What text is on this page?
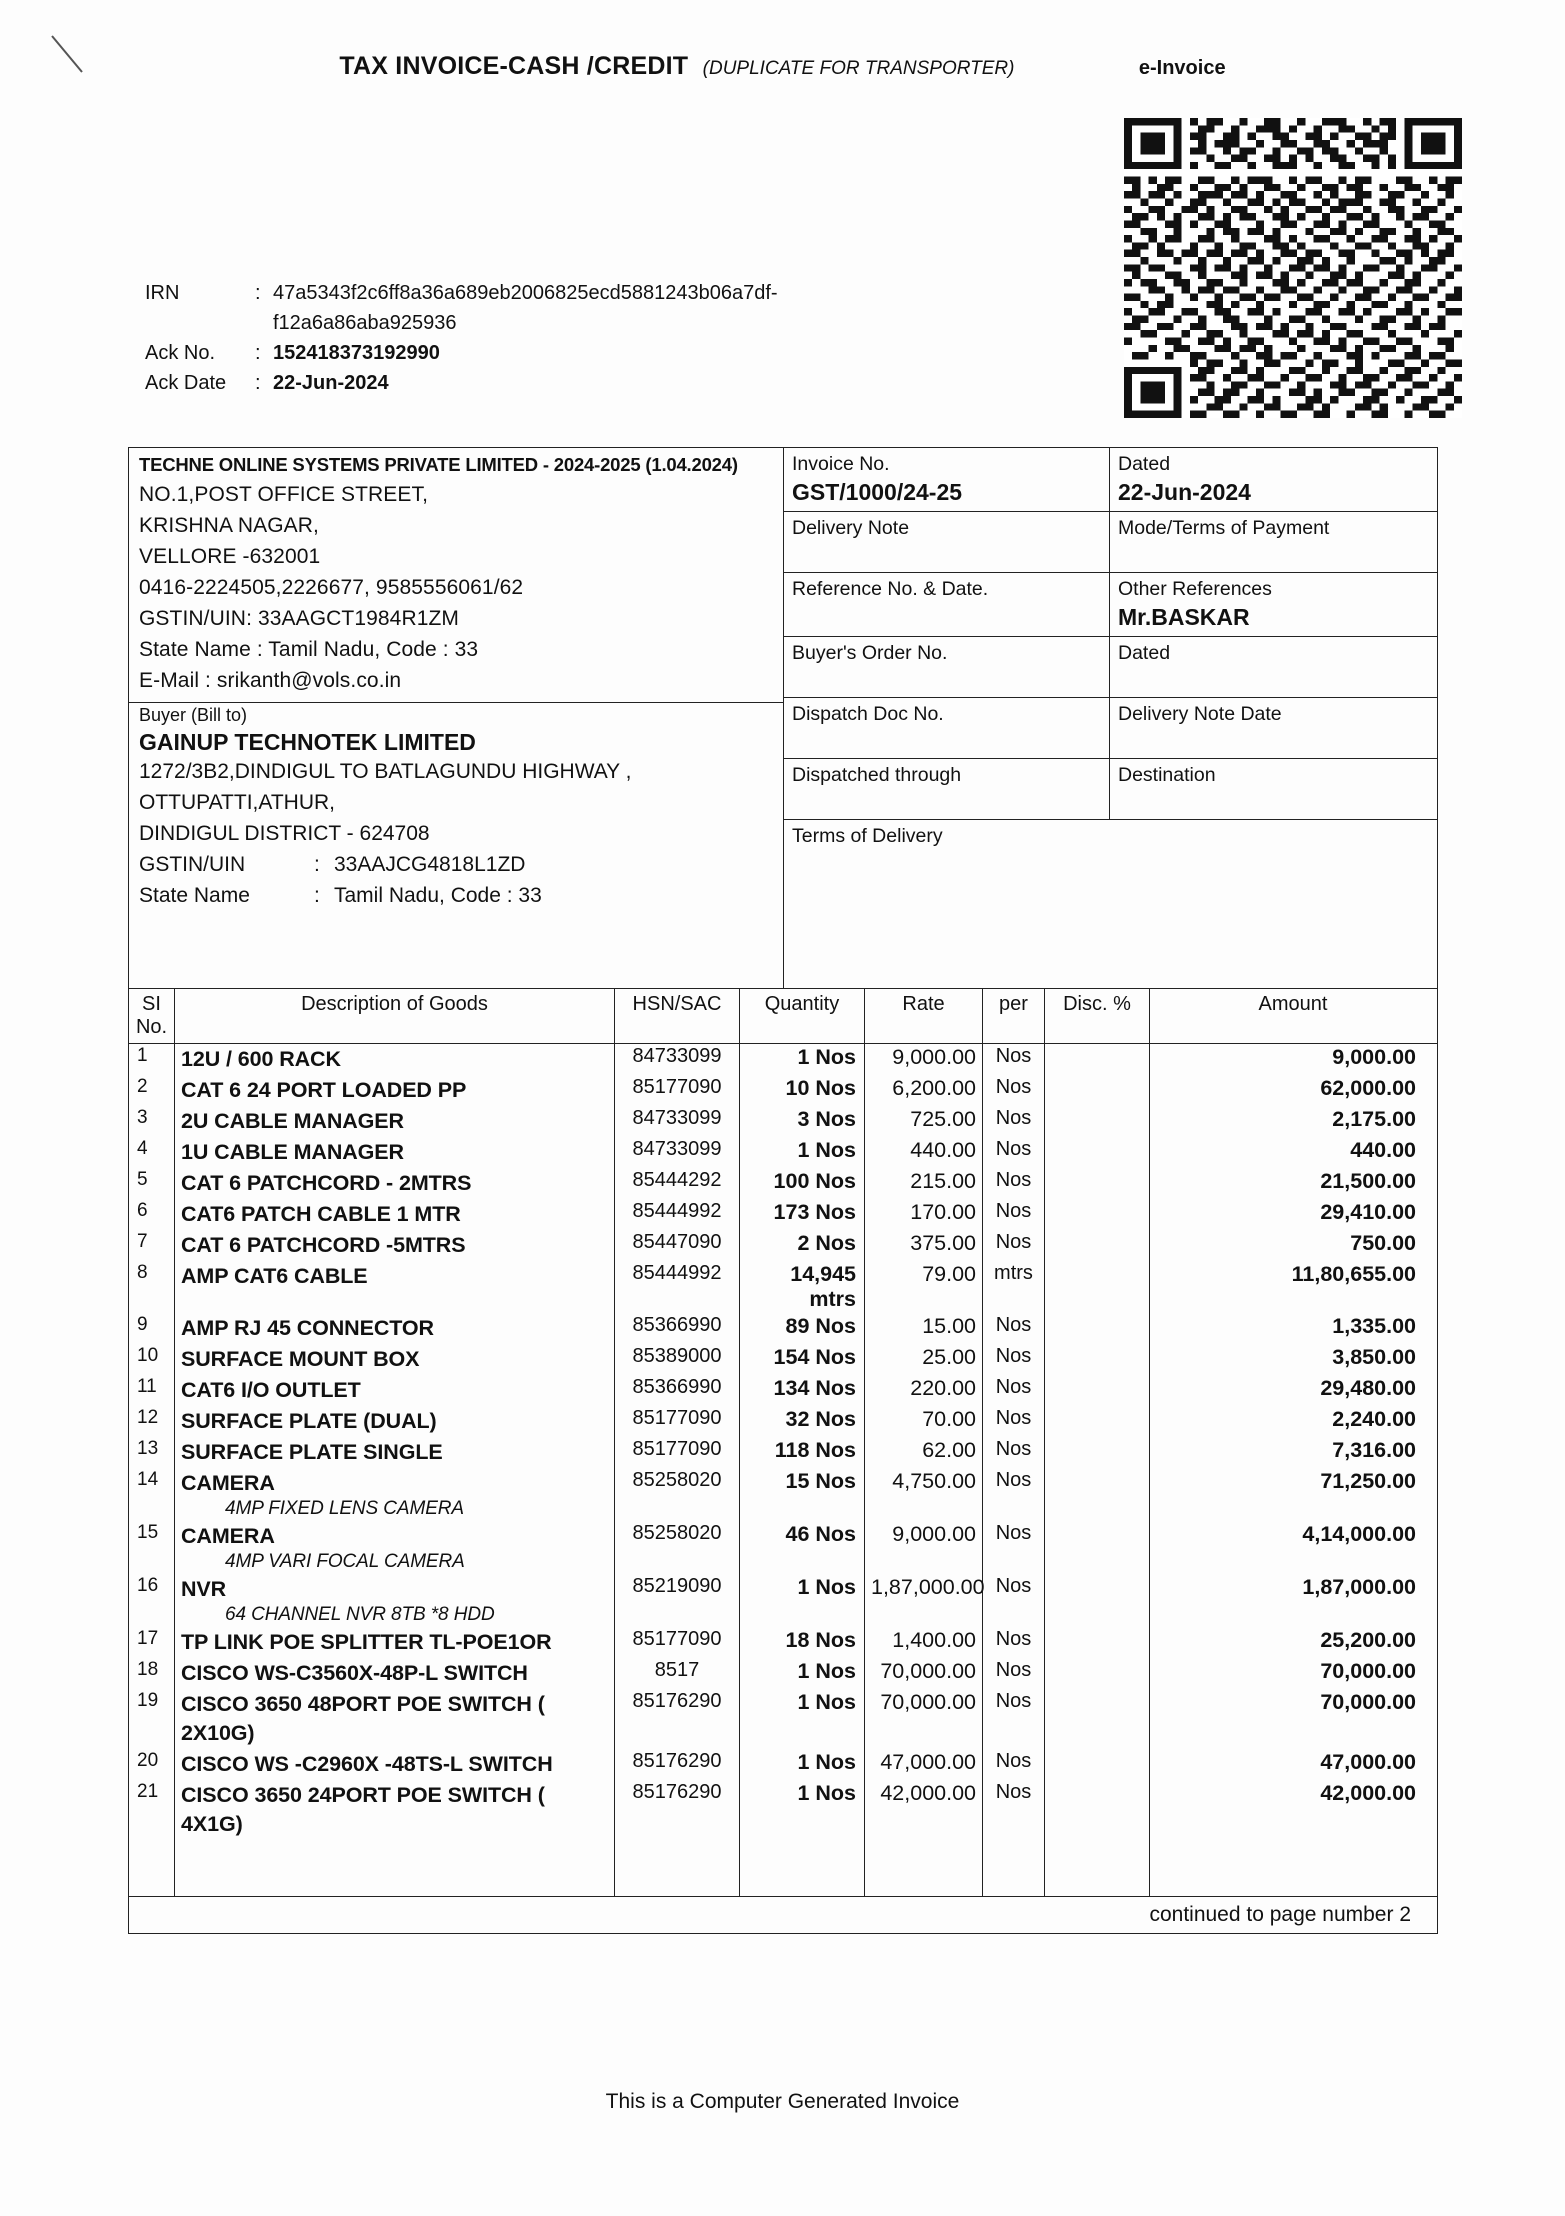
TAX INVOICE-CASH /CREDIT (DUPLICATE FOR TRANSPORTER)	e-Invoice
IRN	: 47a5343f2c6ff8a36a689eb2006825ecd5881243b06a7df-
f12a6a86aba925936
Ack No.	: 152418373192990
Ack Date	: 22-Jun-2024
TECHNE ONLINE SYSTEMS PRIVATE LIMITED - 2024-2025 (1.04.2024)
NO.1,POST OFFICE STREET,
KRISHNA NAGAR,
VELLORE -632001
0416-2224505,2226677, 9585556061/62
GSTIN/UIN: 33AAGCT1984R1ZM
State Name : Tamil Nadu, Code : 33
E-Mail : srikanth@vols.co.in
Buyer (Bill to)
GAINUP TECHNOTEK LIMITED
1272/3B2,DINDIGUL TO BATLAGUNDU HIGHWAY ,
OTTUPATTI,ATHUR,
DINDIGUL DISTRICT - 624708
GSTIN/UIN	: 33AAJCG4818L1ZD
State Name	: Tamil Nadu, Code : 33
Invoice No.
GST/1000/24-25
Dated
22-Jun-2024
Delivery Note	Mode/Terms of Payment
Reference No. & Date.	Other References
Mr.BASKAR
Buyer's Order No.	Dated
Dispatch Doc No.	Delivery Note Date
Dispatched through	Destination
Terms of Delivery
SI
No.
Description of Goods	HSN/SAC	Quantity	Rate	per	Disc. %	Amount
1	12U / 600 RACK	84733099	1 Nos	9,000.00 Nos	9,000.00
2	CAT 6 24 PORT LOADED PP	85177090	10 Nos	6,200.00 Nos	62,000.00
3	2U CABLE MANAGER	84733099	3 Nos	725.00 Nos	2,175.00
4	1U CABLE MANAGER	84733099	1 Nos	440.00 Nos	440.00
5	CAT 6 PATCHCORD - 2MTRS	85444292	100 Nos	215.00 Nos	21,500.00
6	CAT6 PATCH CABLE 1 MTR	85444992	173 Nos	170.00 Nos	29,410.00
7	CAT 6 PATCHCORD -5MTRS	85447090	2 Nos	375.00 Nos	750.00
8	AMP CAT6 CABLE	85444992	14,945 mtrs
79.00 mtrs	11,80,655.00
9	AMP RJ 45 CONNECTOR	85366990	89 Nos	15.00 Nos	1,335.00
10	SURFACE MOUNT BOX	85389000	154 Nos	25.00 Nos	3,850.00
11	CAT6 I/O OUTLET	85366990	134 Nos	220.00 Nos	29,480.00
12	SURFACE PLATE (DUAL)	85177090	32 Nos	70.00 Nos	2,240.00
13	SURFACE PLATE SINGLE	85177090	118 Nos	62.00 Nos	7,316.00
14	CAMERA
4MP FIXED LENS CAMERA
85258020	15 Nos	4,750.00 Nos	71,250.00
15	CAMERA
4MP VARI FOCAL CAMERA
85258020	46 Nos	9,000.00 Nos	4,14,000.00
16	NVR
64 CHANNEL NVR 8TB *8 HDD
85219090	1 Nos 1,87,000.00 Nos	1,87,000.00
17	TP LINK POE SPLITTER TL-POE1OR	85177090	18 Nos	1,400.00 Nos	25,200.00
18	CISCO WS-C3560X-48P-L SWITCH	8517	1 Nos	70,000.00 Nos	70,000.00
19	CISCO 3650 48PORT POE SWITCH ( 2X10G)
85176290	1 Nos	70,000.00 Nos	70,000.00
20	CISCO WS -C2960X -48TS-L SWITCH	85176290	1 Nos	47,000.00 Nos	47,000.00
21	CISCO 3650 24PORT POE SWITCH ( 4X1G)
85176290	1 Nos	42,000.00 Nos	42,000.00
continued to page number 2
This is a Computer Generated Invoice
